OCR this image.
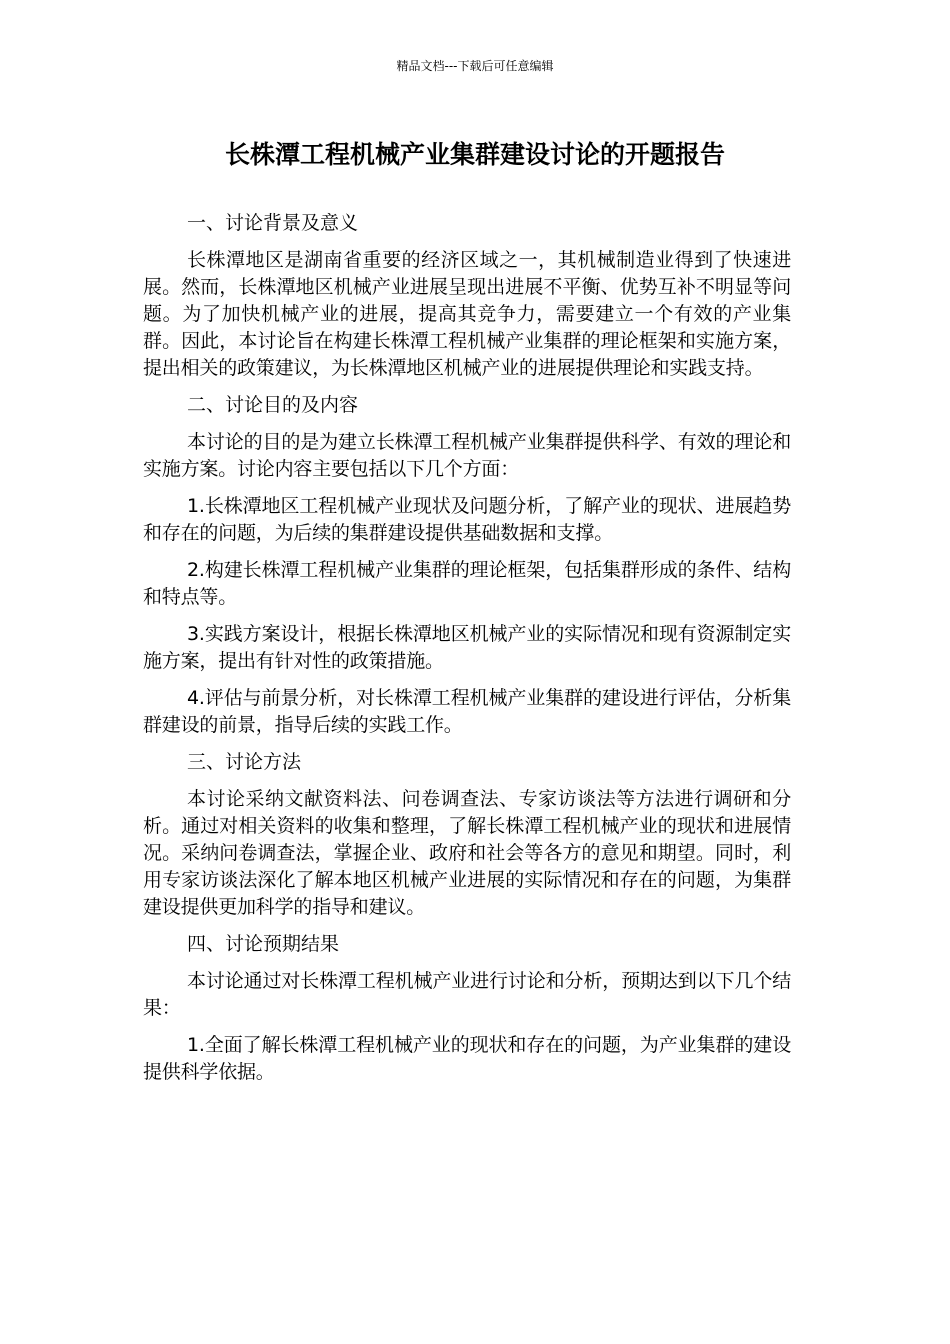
精品文档---下载后可任意编辑
长株潭工程机械产业集群建设讨论的开题报告

一、讨论背景及意义

长株潭地区是湖南省重要的经济区域之一，其机械制造业得到了快速进展。然而，长株潭地区机械产业进展呈现出进展不平衡、优势互补不明显等问题。为了加快机械产业的进展，提高其竞争力，需要建立一个有效的产业集群。因此，本讨论旨在构建长株潭工程机械产业集群的理论框架和实施方案，提出相关的政策建议，为长株潭地区机械产业的进展提供理论和实践支持。

二、讨论目的及内容

本讨论的目的是为建立长株潭工程机械产业集群提供科学、有效的理论和实施方案。讨论内容主要包括以下几个方面：

1.长株潭地区工程机械产业现状及问题分析，了解产业的现状、进展趋势和存在的问题，为后续的集群建设提供基础数据和支撑。

2.构建长株潭工程机械产业集群的理论框架，包括集群形成的条件、结构和特点等。

3.实践方案设计，根据长株潭地区机械产业的实际情况和现有资源制定实施方案，提出有针对性的政策措施。

4.评估与前景分析，对长株潭工程机械产业集群的建设进行评估，分析集群建设的前景，指导后续的实践工作。

三、讨论方法

本讨论采纳文献资料法、问卷调查法、专家访谈法等方法进行调研和分析。通过对相关资料的收集和整理，了解长株潭工程机械产业的现状和进展情况。采纳问卷调查法，掌握企业、政府和社会等各方的意见和期望。同时，利用专家访谈法深化了解本地区机械产业进展的实际情况和存在的问题，为集群建设提供更加科学的指导和建议。

四、讨论预期结果

本讨论通过对长株潭工程机械产业进行讨论和分析，预期达到以下几个结果：

1.全面了解长株潭工程机械产业的现状和存在的问题，为产业集群的建设提供科学依据。
